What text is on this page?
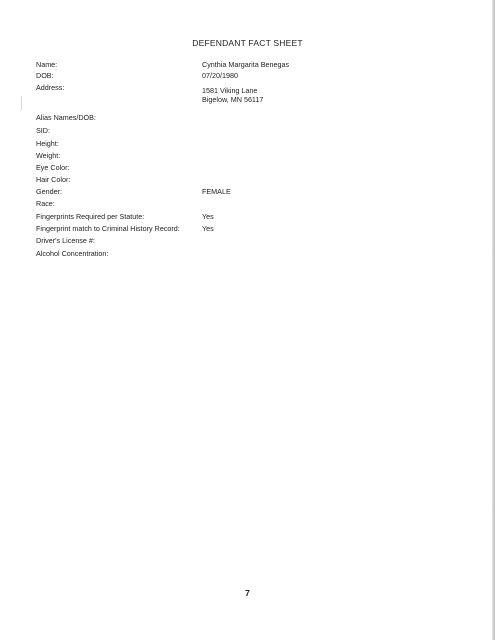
DEFENDANT FACT SHEET
Name:	Cynthia Margarita Benegas
DOB:	07/20/1980
Address:	1581 Viking Lane
Bigelow, MN 56117
Alias Names/DOB:
SID:
Height:
Weight:
Eye Color:
Hair Color:
Gender:	FEMALE
Race:
Fingerprints Required per Statute:	Yes
Fingerprint match to Criminal History Record:	Yes
Driver's License #:
Alcohol Concentration:
7
